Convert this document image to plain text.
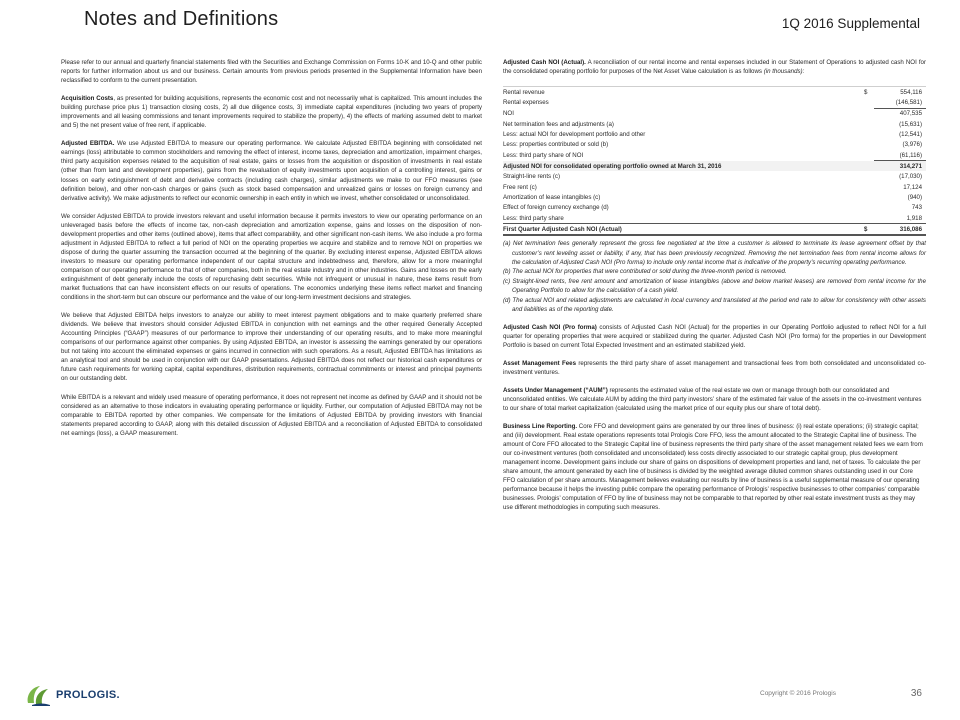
Notes and Definitions	1Q 2016 Supplemental

Please refer to our annual and quarterly financial statements filed with the Securities and Exchange Commission on Forms 10-K and 10-Q and other public reports for further information about us and our business. Certain amounts from previous periods presented in the Supplemental Information have been reclassified to conform to the current presentation.

Acquisition Costs, as presented for building acquisitions, represents the economic cost and not necessarily what is capitalized. This amount includes the building purchase price plus 1) transaction closing costs, 2) all due diligence costs, 3) immediate capital expenditures (including two years of property improvements and all leasing commissions and tenant improvements required to stabilize the property), 4) the effects of marking assumed debt to market and 5) the net present value of free rent, if applicable.

Adjusted EBITDA. We use Adjusted EBITDA to measure our operating performance. We calculate Adjusted EBITDA beginning with consolidated net earnings (loss) attributable to common stockholders and removing the effect of interest, income taxes, depreciation and amortization, impairment charges, third party acquisition expenses related to the acquisition of real estate, gains or losses from the acquisition or disposition of investments in real estate (other than from land and development properties), gains from the revaluation of equity investments upon acquisition of a controlling interest, gains or losses on early extinguishment of debt and derivative contracts (including cash charges), similar adjustments we make to our FFO measures (see definition below), and other non-cash charges or gains (such as stock based compensation and unrealized gains or losses on foreign currency and derivative activity). We make adjustments to reflect our economic ownership in each entity in which we invest, whether consolidated or unconsolidated.

We consider Adjusted EBITDA to provide investors relevant and useful information because it permits investors to view our operating performance on an unleveraged basis before the effects of income tax, non-cash depreciation and amortization expense, gains and losses on the disposition of non-development properties and other items (outlined above), items that affect comparability, and other significant non-cash items. We also include a pro forma adjustment in Adjusted EBITDA to reflect a full period of NOI on the operating properties we acquire and stabilize and to remove NOI on properties we dispose of during the quarter assuming the transaction occurred at the beginning of the quarter. By excluding interest expense, Adjusted EBITDA allows investors to measure our operating performance independent of our capital structure and indebtedness and, therefore, allow for a more meaningful comparison of our operating performance to that of other companies, both in the real estate industry and in other industries. Gains and losses on the early extinguishment of debt generally include the costs of repurchasing debt securities. While not infrequent or unusual in nature, these items result from market fluctuations that can have inconsistent effects on our results of operations. The economics underlying these items reflect market and financing conditions in the short-term but can obscure our performance and the value of our long-term investment decisions and strategies.

We believe that Adjusted EBITDA helps investors to analyze our ability to meet interest payment obligations and to make quarterly preferred share dividends. We believe that investors should consider Adjusted EBITDA in conjunction with net earnings and the other required Generally Accepted Accounting Principles (“GAAP”) measures of our performance to improve their understanding of our operating results, and to make more meaningful comparisons of our performance against other companies. By using Adjusted EBITDA, an investor is assessing the earnings generated by our operations but not taking into account the eliminated expenses or gains incurred in connection with such operations. As a result, Adjusted EBITDA has limitations as an analytical tool and should be used in conjunction with our GAAP presentations. Adjusted EBITDA does not reflect our historical cash expenditures or future cash requirements for working capital, capital expenditures, distribution requirements, contractual commitments or interest and principal payments on our outstanding debt.

While EBITDA is a relevant and widely used measure of operating performance, it does not represent net income as defined by GAAP and it should not be considered as an alternative to those indicators in evaluating operating performance or liquidity. Further, our computation of Adjusted EBITDA may not be comparable to EBITDA reported by other companies. We compensate for the limitations of Adjusted EBITDA by providing investors with financial statements prepared according to GAAP, along with this detailed discussion of Adjusted EBITDA and a reconciliation of Adjusted EBITDA to consolidated net earnings (loss), a GAAP measurement.

Adjusted Cash NOI (Actual). A reconciliation of our rental income and rental expenses included in our Statement of Operations to adjusted cash NOI for the consolidated operating portfolio for purposes of the Net Asset Value calculation is as follows (in thousands):

Rental revenue	$	554,116
Rental expenses		(146,581)
NOI		407,535
Net termination fees and adjustments (a)		(15,631)
Less: actual NOI for development portfolio and other		(12,541)
Less: properties contributed or sold (b)		(3,976)
Less: third party share of NOI		(61,116)
Adjusted NOI for consolidated operating portfolio owned at March 31, 2016		314,271
Straight-line rents (c)		(17,030)
Free rent (c)		17,124
Amortization of lease intangibles (c)		(940)
Effect of foreign currency exchange (d)		743
Less: third party share		1,918
First Quarter Adjusted Cash NOI (Actual)	$	316,086
(a) Net termination fees generally represent the gross fee negotiated at the time a customer is allowed to terminate its lease agreement offset by that customer’s rent leveling asset or liability, if any, that has been previously recognized. Removing the net termination fees from rental income allows for the calculation of Adjusted Cash NOI (Pro forma) to include only rental income that is indicative of the property’s recurring operating performance.
(b) The actual NOI for properties that were contributed or sold during the three-month period is removed.
(c) Straight-lined rents, free rent amount and amortization of lease intangibles (above and below market leases) are removed from rental income for the Operating Portfolio to allow for the calculation of a cash yield.
(d) The actual NOI and related adjustments are calculated in local currency and translated at the period end rate to allow for consistency with other assets and liabilities as of the reporting date.

Adjusted Cash NOI (Pro forma) consists of Adjusted Cash NOI (Actual) for the properties in our Operating Portfolio adjusted to reflect NOI for a full quarter for operating properties that were acquired or stabilized during the quarter. Adjusted Cash NOI (Pro forma) for the properties in our Development Portfolio is based on current Total Expected Investment and an estimated stabilized yield.

Asset Management Fees represents the third party share of asset management and transactional fees from both consolidated and unconsolidated co-investment ventures.

Assets Under Management (“AUM”) represents the estimated value of the real estate we own or manage through both our consolidated and unconsolidated entities. We calculate AUM by adding the third party investors’ share of the estimated fair value of the assets in the co-investment ventures to our share of total market capitalization (calculated using the market price of our equity plus our share of total debt).

Business Line Reporting. Core FFO and development gains are generated by our three lines of business: (i) real estate operations; (ii) strategic capital; and (iii) development. Real estate operations represents total Prologis Core FFO, less the amount allocated to the Strategic Capital line of business. The amount of Core FFO allocated to the Strategic Capital line of business represents the third party share of the asset management related fees we earn from our co-investment ventures (both consolidated and unconsolidated) less costs directly associated to our strategic capital group, plus development management income. Development gains include our share of gains on dispositions of development properties and land, net of taxes. To calculate the per share amount, the amount generated by each line of business is divided by the weighted average diluted common shares outstanding used in our Core FFO calculation of per share amounts. Management believes evaluating our results by line of business is a useful supplemental measure of our operating performance because it helps the investing public compare the operating performance of Prologis’ respective businesses to other companies’ comparable businesses. Prologis’ computation of FFO by line of business may not be comparable to that reported by other real estate investment trusts as they may use different methodologies in computing such measures.

PROLOGIS.	Copyright © 2016 Prologis	36
